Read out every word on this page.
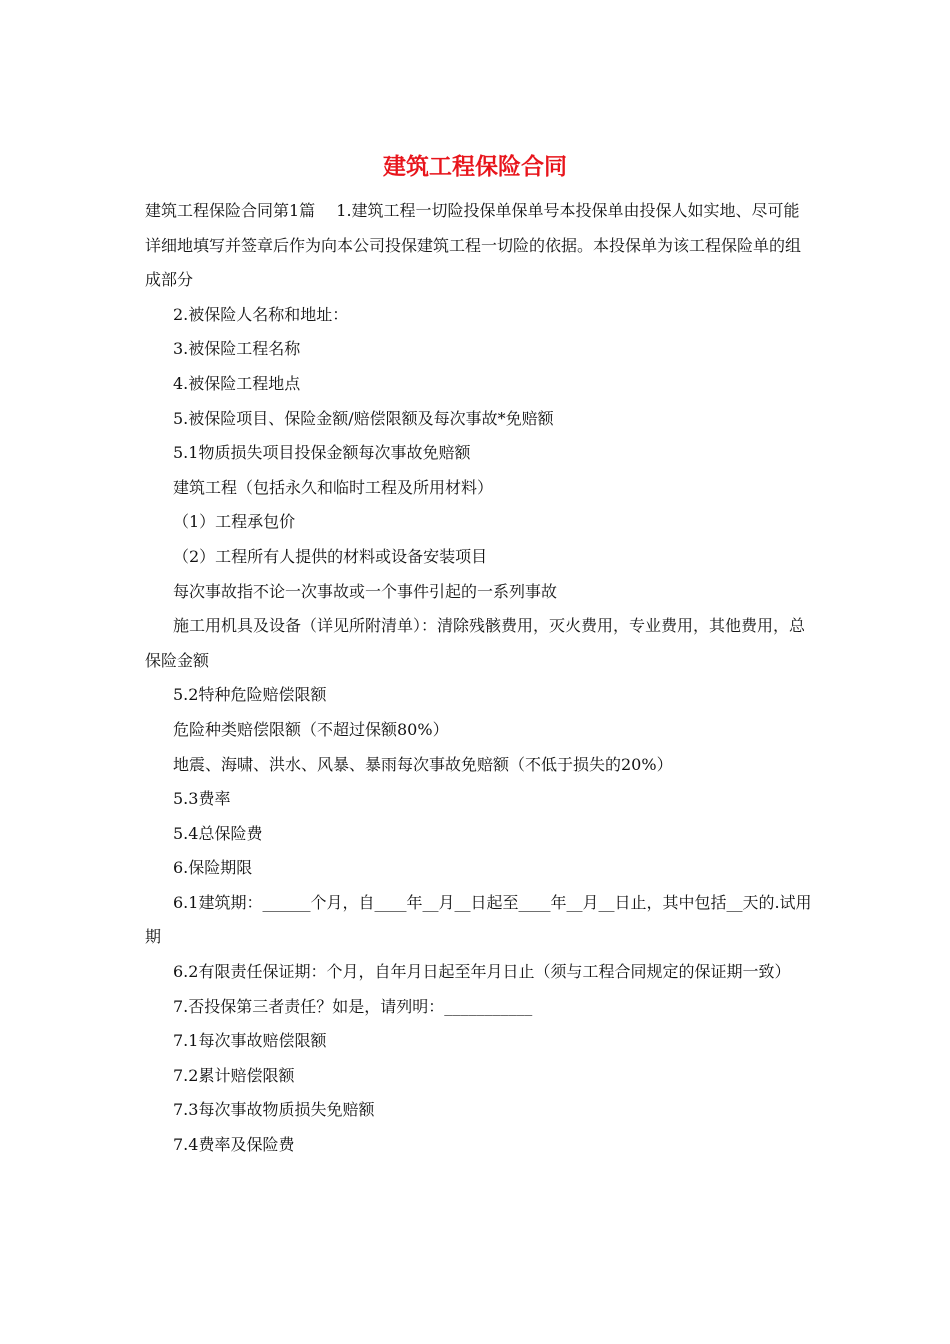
建筑工程保险合同

建筑工程保险合同第1篇　 1.建筑工程一切险投保单保单号本投保单由投保人如实地、尽可能详细地填写并签章后作为向本公司投保建筑工程一切险的依据。本投保单为该工程保险单的组成部分

2.被保险人名称和地址：

3.被保险工程名称

4.被保险工程地点

5.被保险项目、保险金额/赔偿限额及每次事故*免赔额

5.1物质损失项目投保金额每次事故免赔额

建筑工程（包括永久和临时工程及所用材料）

（1）工程承包价

（2）工程所有人提供的材料或设备安装项目

每次事故指不论一次事故或一个事件引起的一系列事故

施工用机具及设备（详见所附清单）：清除残骸费用，灭火费用，专业费用，其他费用，总保险金额

5.2特种危险赔偿限额

危险种类赔偿限额（不超过保额80%）

地震、海啸、洪水、风暴、暴雨每次事故免赔额（不低于损失的20%）

5.3费率

5.4总保险费

6.保险期限

6.1建筑期：______个月，自____年__月__日起至____年__月__日止，其中包括__天的.试用期

6.2有限责任保证期：个月，自年月日起至年月日止（须与工程合同规定的保证期一致）

7.否投保第三者责任？如是，请列明：___________

7.1每次事故赔偿限额

7.2累计赔偿限额

7.3每次事故物质损失免赔额

7.4费率及保险费
